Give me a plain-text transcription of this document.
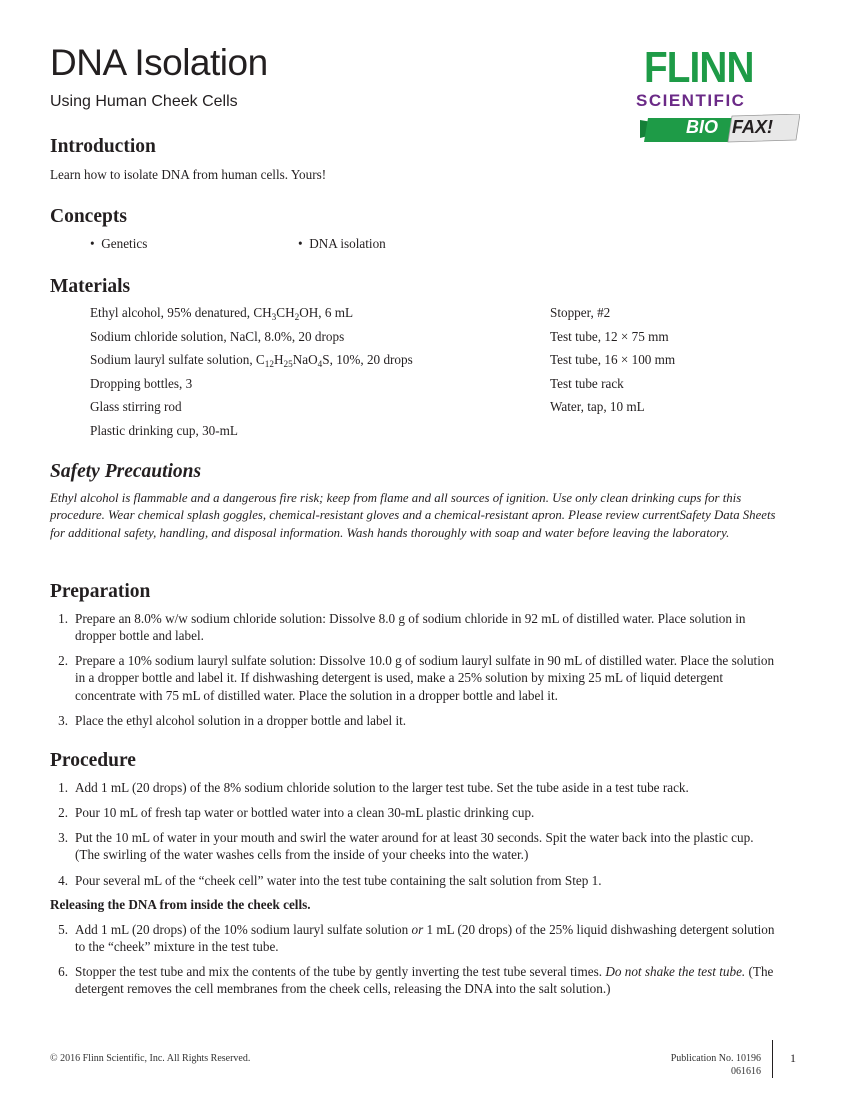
DNA Isolation
Using Human Cheek Cells
FLINN
SCIENTIFIC
BIO FAX!
Introduction
Learn how to isolate DNA from human cells. Yours!
Concepts
•  Genetics	•  DNA isolation
Materials
Ethyl alcohol, 95% denatured, $CH_3CH_2OH$, 6 mL
Sodium chloride solution, NaCl, 8.0%, 20 drops
Sodium lauryl sulfate solution, $C_{12}H_{25}NaO_4S$, 10%, 20 drops
Dropping bottles, 3
Glass stirring rod
Plastic drinking cup, 30-mL
Stopper, #2
Test tube, 12 × 75 mm
Test tube, 16 × 100 mm
Test tube rack
Water, tap, 10 mL
Safety Precautions
Ethyl alcohol is flammable and a dangerous fire risk; keep from flame and all sources of ignition. Use only clean drinking cups for this procedure. Wear chemical splash goggles, chemical-resistant gloves and a chemical-resistant apron. Please review currentSafety Data Sheets for additional safety, handling, and disposal information. Wash hands thoroughly with soap and water before leaving the laboratory.
Preparation
1. Prepare an 8.0% w/w sodium chloride solution: Dissolve 8.0 g of sodium chloride in 92 mL of distilled water. Place solution in dropper bottle and label.
2. Prepare a 10% sodium lauryl sulfate solution: Dissolve 10.0 g of sodium lauryl sulfate in 90 mL of distilled water. Place the solution in a dropper bottle and label it. If dishwashing detergent is used, make a 25% solution by mixing 25 mL of liquid detergent concentrate with 75 mL of distilled water. Place the solution in a dropper bottle and label it.
3. Place the ethyl alcohol solution in a dropper bottle and label it.
Procedure
1. Add 1 mL (20 drops) of the 8% sodium chloride solution to the larger test tube. Set the tube aside in a test tube rack.
2. Pour 10 mL of fresh tap water or bottled water into a clean 30-mL plastic drinking cup.
3. Put the 10 mL of water in your mouth and swirl the water around for at least 30 seconds. Spit the water back into the plastic cup. (The swirling of the water washes cells from the inside of your cheeks into the water.)
4. Pour several mL of the “cheek cell” water into the test tube containing the salt solution from Step 1.
Releasing the DNA from inside the cheek cells.
5. Add 1 mL (20 drops) of the 10% sodium lauryl sulfate solution or 1 mL (20 drops) of the 25% liquid dishwashing detergent solution to the “cheek” mixture in the test tube.
6. Stopper the test tube and mix the contents of the tube by gently inverting the test tube several times. Do not shake the test tube. (The detergent removes the cell membranes from the cheek cells, releasing the DNA into the salt solution.)
© 2016 Flinn Scientific, Inc. All Rights Reserved.	Publication No. 10196
061616
1
